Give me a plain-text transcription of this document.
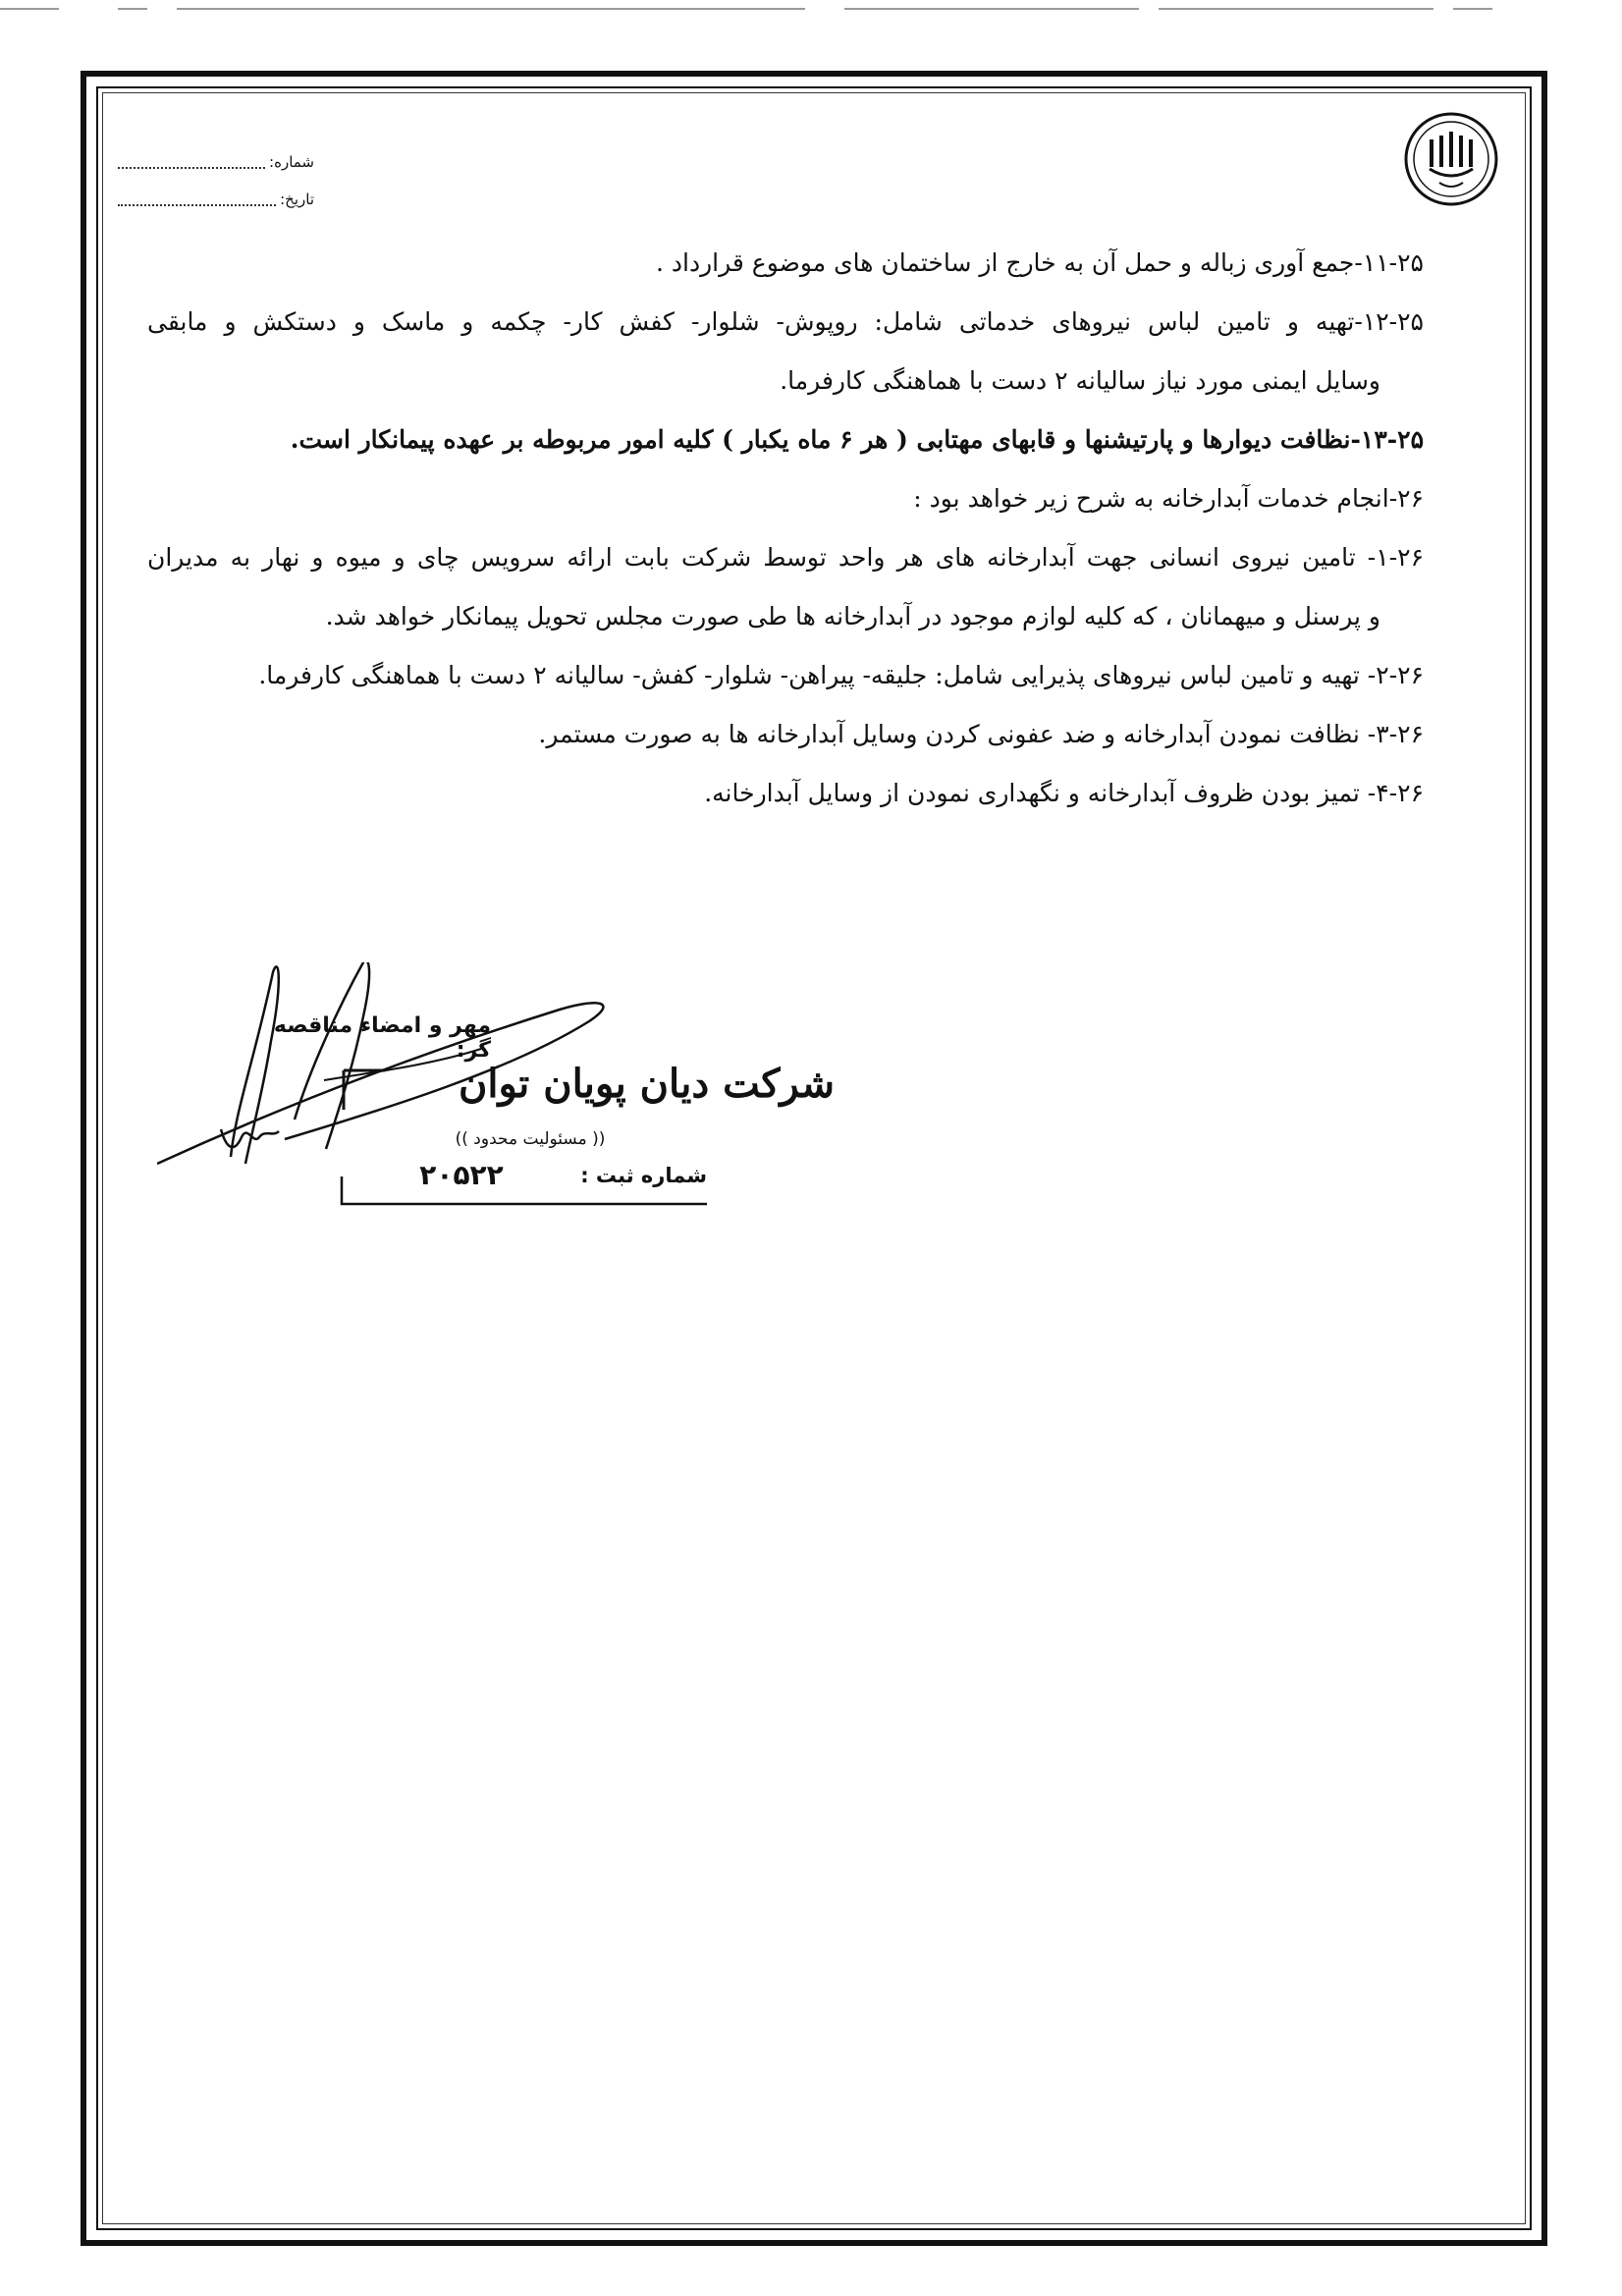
شماره:
تاریخ:

۱۱-۲۵-جمع آوری زباله و حمل آن به خارج از ساختمان های موضوع قرارداد .

۱۲-۲۵-تهیه و تامین لباس نیروهای خدماتی شامل: روپوش- شلوار- کفش کار- چکمه و ماسک و دستکش و مابقی

وسایل ایمنی مورد نیاز سالیانه ۲ دست با هماهنگی کارفرما.

۱۳-۲۵-نظافت دیوارها و پارتیشنها و قابهای مهتابی ( هر ۶ ماه یکبار ) کلیه امور مربوطه بر عهده پیمانکار است.

۲۶-انجام خدمات آبدارخانه به شرح زیر خواهد بود :

۱-۲۶- تامین نیروی انسانی جهت آبدارخانه های هر واحد توسط شرکت بابت ارائه سرویس چای و میوه و نهار به مدیران

و پرسنل و میهمانان ، که کلیه لوازم موجود در آبدارخانه ها طی صورت مجلس تحویل پیمانکار خواهد شد.

۲-۲۶- تهیه و تامین لباس نیروهای پذیرایی شامل: جلیقه- پیراهن- شلوار- کفش- سالیانه ۲ دست با هماهنگی کارفرما.

۳-۲۶- نظافت نمودن آبدارخانه و ضد عفونی کردن وسایل آبدارخانه ها به صورت مستمر.

۴-۲۶- تمیز بودن ظروف آبدارخانه و نگهداری نمودن از وسایل آبدارخانه.

مهر و امضاء مناقصه گر:
شرکت دیان پویان توان
(( مسئولیت محدود ))
شماره ثبت :
۲۰۵۲۲
